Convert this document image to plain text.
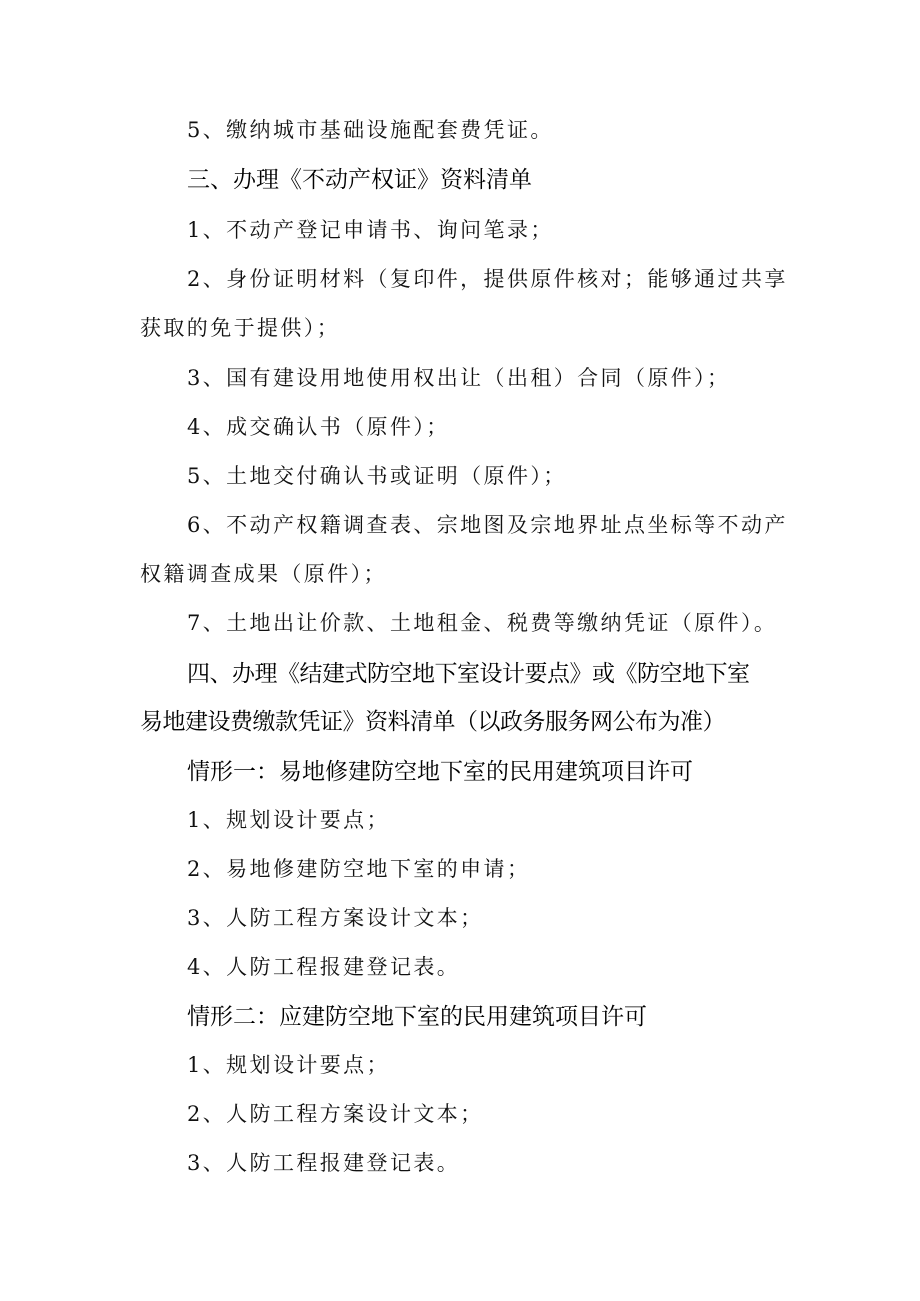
5、缴纳城市基础设施配套费凭证。
三、办理《不动产权证》资料清单
1、不动产登记申请书、询问笔录；
2、身份证明材料（复印件，提供原件核对；能够通过共享
获取的免于提供）；
3、国有建设用地使用权出让（出租）合同（原件）；
4、成交确认书（原件）；
5、土地交付确认书或证明（原件）；
6、不动产权籍调查表、宗地图及宗地界址点坐标等不动产
权籍调查成果（原件）；
7、土地出让价款、土地租金、税费等缴纳凭证（原件）。
四、办理《结建式防空地下室设计要点》或《防空地下室
易地建设费缴款凭证》资料清单（以政务服务网公布为准）
情形一：易地修建防空地下室的民用建筑项目许可
1、规划设计要点；
2、易地修建防空地下室的申请；
3、人防工程方案设计文本；
4、人防工程报建登记表。
情形二：应建防空地下室的民用建筑项目许可
1、规划设计要点；
2、人防工程方案设计文本；
3、人防工程报建登记表。
